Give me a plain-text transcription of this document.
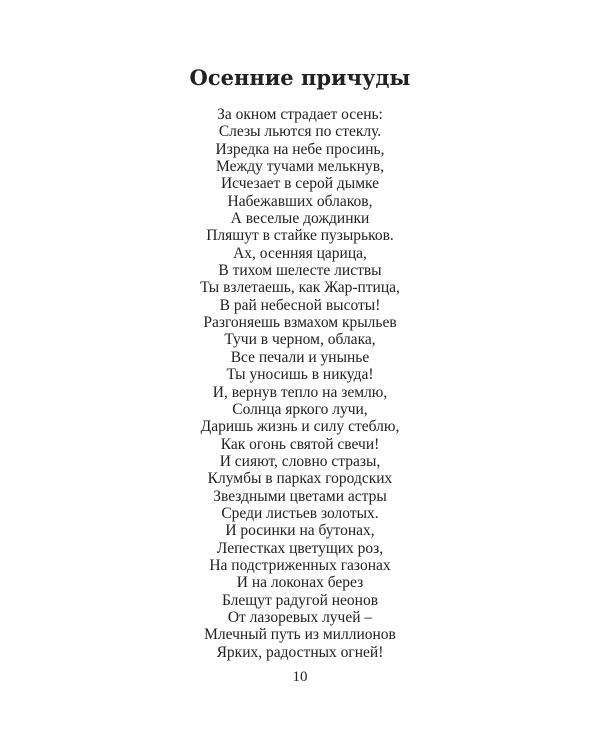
Осенние причуды
За окном страдает осень:
Слезы льются по стеклу.
Изредка на небе просинь,
Между тучами мелькнув,
Исчезает в серой дымке
Набежавших облаков,
А веселые дождинки
Пляшут в стайке пузырьков.
Ах, осенняя царица,
В тихом шелесте листвы
Ты взлетаешь, как Жар-птица,
В рай небесной высоты!
Разгоняешь взмахом крыльев
Тучи в черном, облака,
Все печали и унынье
Ты уносишь в никуда!
И, вернув тепло на землю,
Солнца яркого лучи,
Даришь жизнь и силу стеблю,
Как огонь святой свечи!
И сияют, словно стразы,
Клумбы в парках городских
Звездными цветами астры
Среди листьев золотых.
И росинки на бутонах,
Лепестках цветущих роз,
На подстриженных газонах
И на локонах берез
Блещут радугой неонов
От лазоревых лучей –
Млечный путь из миллионов
Ярких, радостных огней!
10
